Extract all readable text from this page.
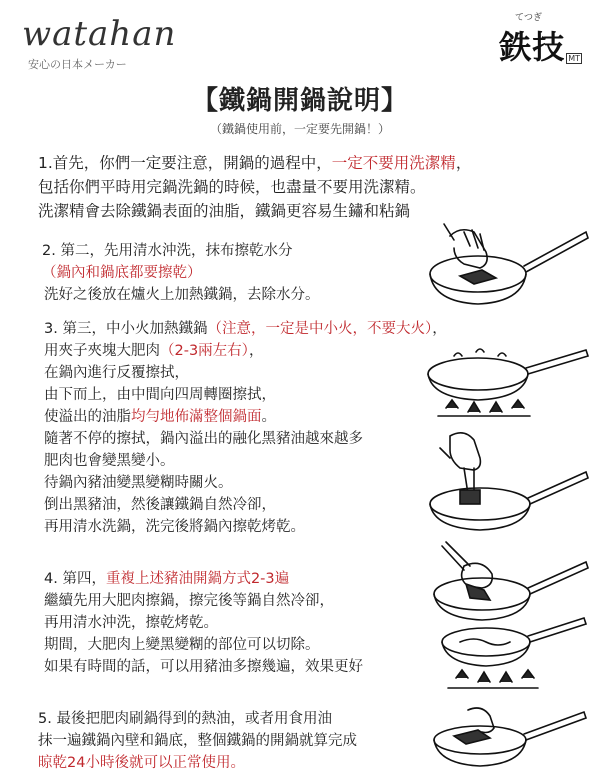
watahan
安心の日本メーカー
てつぎ
鉄技 MT
【鐵鍋開鍋說明】
（鐵鍋使用前，一定要先開鍋！）
1.首先，你們一定要注意，開鍋的過程中，一定不要用洗潔精，
包括你們平時用完鍋洗鍋的時候，也盡量不要用洗潔精。
洗潔精會去除鐵鍋表面的油脂，鐵鍋更容易生鏽和粘鍋
2. 第二，先用清水沖洗，抹布擦乾水分
（鍋內和鍋底都要擦乾）
洗好之後放在爐火上加熱鐵鍋，去除水分。
3. 第三，中小火加熱鐵鍋（注意，一定是中小火，不要大火），
用夾子夾塊大肥肉（2-3兩左右），
在鍋內進行反覆擦拭，
由下而上，由中間向四周轉圈擦拭，
使溢出的油脂均勻地佈滿整個鍋面。
隨著不停的擦拭，鍋內溢出的融化黑豬油越來越多
肥肉也會變黑變小。
待鍋內豬油變黑變糊時關火。
倒出黑豬油，然後讓鐵鍋自然冷卻，
再用清水洗鍋，洗完後將鍋內擦乾烤乾。
4. 第四，重複上述豬油開鍋方式2-3遍
繼續先用大肥肉擦鍋，擦完後等鍋自然冷卻，
再用清水沖洗，擦乾烤乾。
期間，大肥肉上變黑變糊的部位可以切除。
如果有時間的話，可以用豬油多擦幾遍，效果更好
5. 最後把肥肉刷鍋得到的熱油，或者用食用油
抹一遍鐵鍋內壁和鍋底，整個鐵鍋的開鍋就算完成
晾乾24小時後就可以正常使用。
